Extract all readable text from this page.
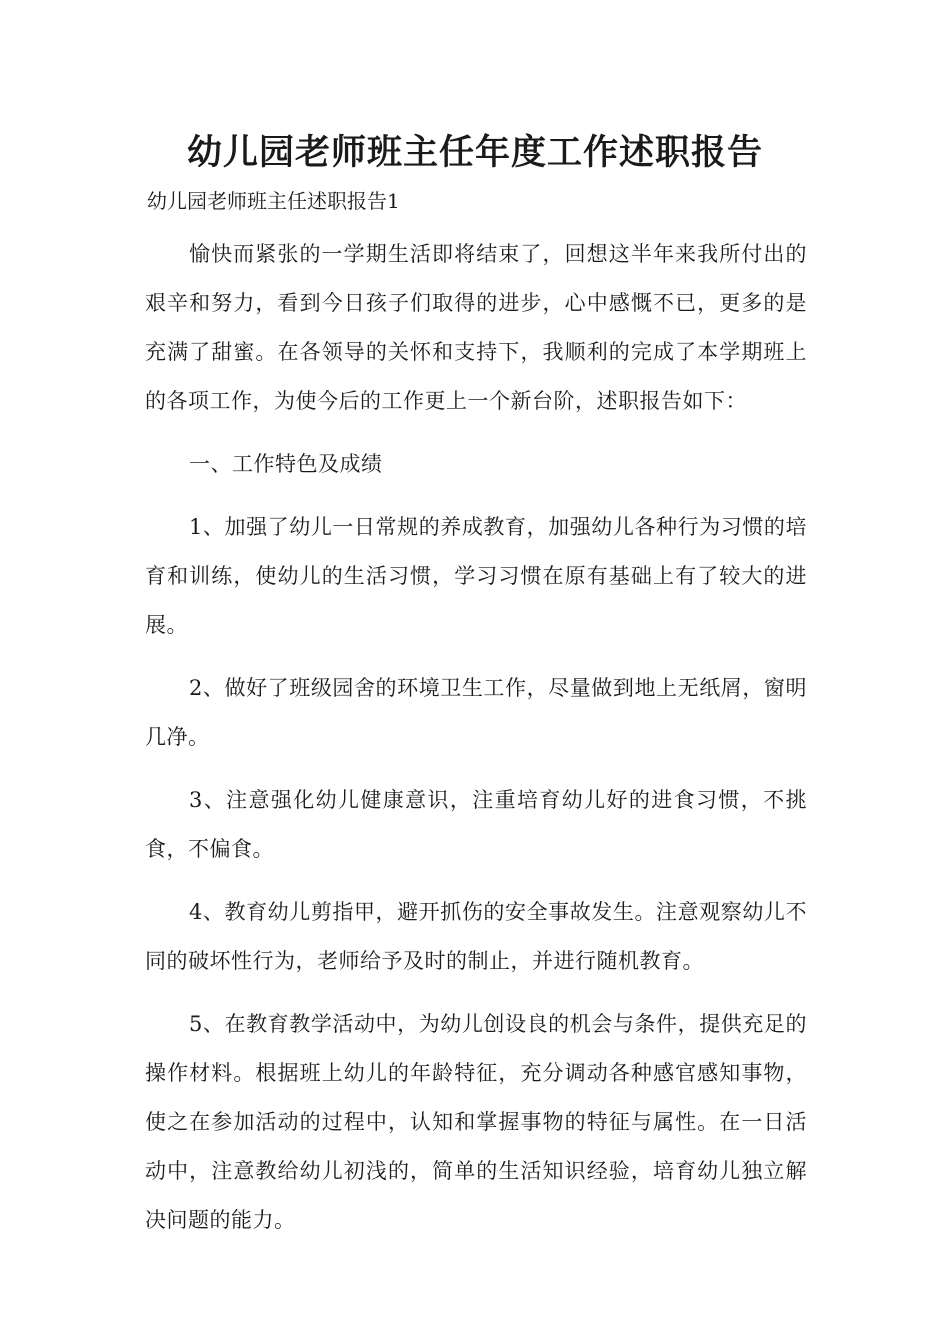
幼儿园老师班主任年度工作述职报告

幼儿园老师班主任述职报告1

愉快而紧张的一学期生活即将结束了，回想这半年来我所付出的艰辛和努力，看到今日孩子们取得的进步，心中感慨不已，更多的是充满了甜蜜。在各领导的关怀和支持下，我顺利的完成了本学期班上的各项工作，为使今后的工作更上一个新台阶，述职报告如下：

一、工作特色及成绩

1、加强了幼儿一日常规的养成教育，加强幼儿各种行为习惯的培育和训练，使幼儿的生活习惯，学习习惯在原有基础上有了较大的进展。

2、做好了班级园舍的环境卫生工作，尽量做到地上无纸屑，窗明几净。

3、注意强化幼儿健康意识，注重培育幼儿好的进食习惯，不挑食，不偏食。

4、教育幼儿剪指甲，避开抓伤的安全事故发生。注意观察幼儿不同的破坏性行为，老师给予及时的制止，并进行随机教育。

5、在教育教学活动中，为幼儿创设良的机会与条件，提供充足的操作材料。根据班上幼儿的年龄特征，充分调动各种感官感知事物，使之在参加活动的过程中，认知和掌握事物的特征与属性。在一日活动中，注意教给幼儿初浅的，简单的生活知识经验，培育幼儿独立解决问题的能力。
